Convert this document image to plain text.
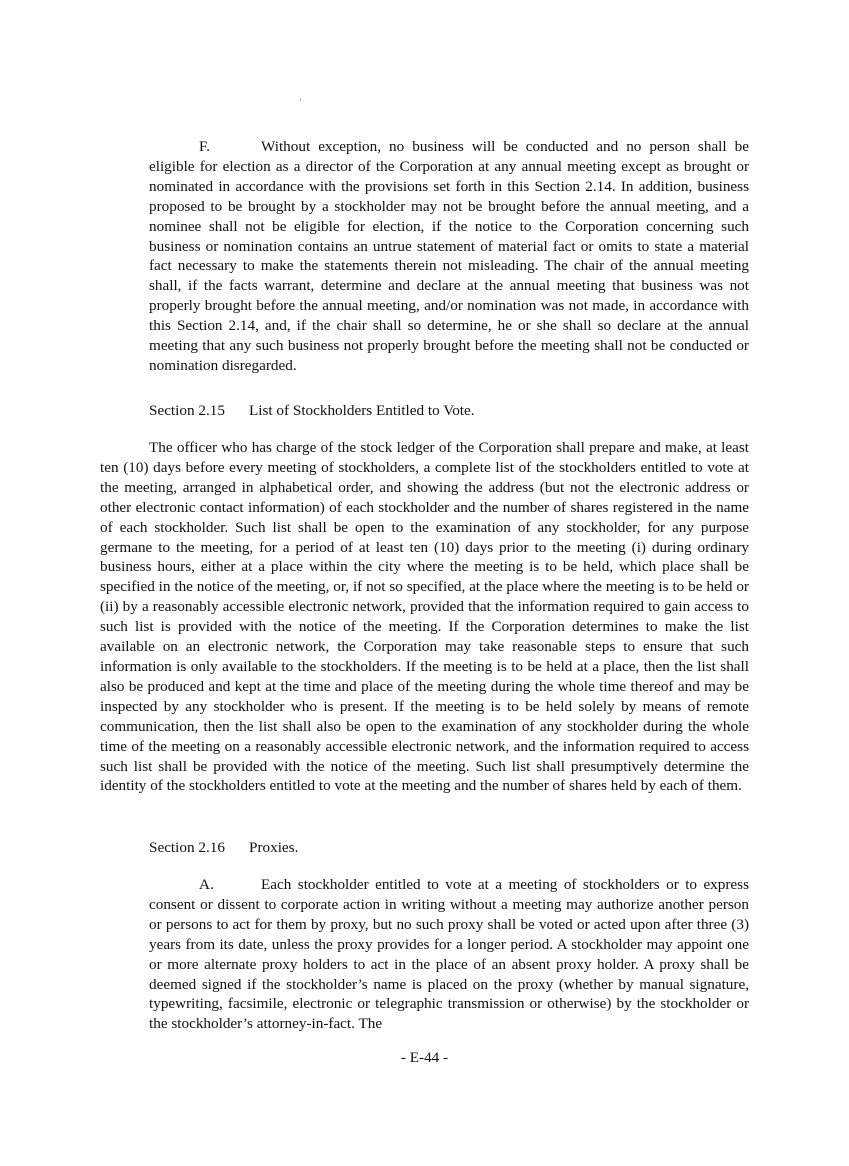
F.	Without exception, no business will be conducted and no person shall be eligible for election as a director of the Corporation at any annual meeting except as brought or nominated in accordance with the provisions set forth in this Section 2.14. In addition, business proposed to be brought by a stockholder may not be brought before the annual meeting, and a nominee shall not be eligible for election, if the notice to the Corporation concerning such business or nomination contains an untrue statement of material fact or omits to state a material fact necessary to make the statements therein not misleading. The chair of the annual meeting shall, if the facts warrant, determine and declare at the annual meeting that business was not properly brought before the annual meeting, and/or nomination was not made, in accordance with this Section 2.14, and, if the chair shall so determine, he or she shall so declare at the annual meeting that any such business not properly brought before the meeting shall not be conducted or nomination disregarded.

Section 2.15 List of Stockholders Entitled to Vote.

The officer who has charge of the stock ledger of the Corporation shall prepare and make, at least ten (10) days before every meeting of stockholders, a complete list of the stockholders entitled to vote at the meeting, arranged in alphabetical order, and showing the address (but not the electronic address or other electronic contact information) of each stockholder and the number of shares registered in the name of each stockholder. Such list shall be open to the examination of any stockholder, for any purpose germane to the meeting, for a period of at least ten (10) days prior to the meeting (i) during ordinary business hours, either at a place within the city where the meeting is to be held, which place shall be specified in the notice of the meeting, or, if not so specified, at the place where the meeting is to be held or (ii) by a reasonably accessible electronic network, provided that the information required to gain access to such list is provided with the notice of the meeting. If the Corporation determines to make the list available on an electronic network, the Corporation may take reasonable steps to ensure that such information is only available to the stockholders. If the meeting is to be held at a place, then the list shall also be produced and kept at the time and place of the meeting during the whole time thereof and may be inspected by any stockholder who is present. If the meeting is to be held solely by means of remote communication, then the list shall also be open to the examination of any stockholder during the whole time of the meeting on a reasonably accessible electronic network, and the information required to access such list shall be provided with the notice of the meeting. Such list shall presumptively determine the identity of the stockholders entitled to vote at the meeting and the number of shares held by each of them.

Section 2.16 Proxies.

A.	Each stockholder entitled to vote at a meeting of stockholders or to express consent or dissent to corporate action in writing without a meeting may authorize another person or persons to act for them by proxy, but no such proxy shall be voted or acted upon after three (3) years from its date, unless the proxy provides for a longer period. A stockholder may appoint one or more alternate proxy holders to act in the place of an absent proxy holder. A proxy shall be deemed signed if the stockholder’s name is placed on the proxy (whether by manual signature, typewriting, facsimile, electronic or telegraphic transmission or otherwise) by the stockholder or the stockholder’s attorney-in-fact. The

- E-44 -
